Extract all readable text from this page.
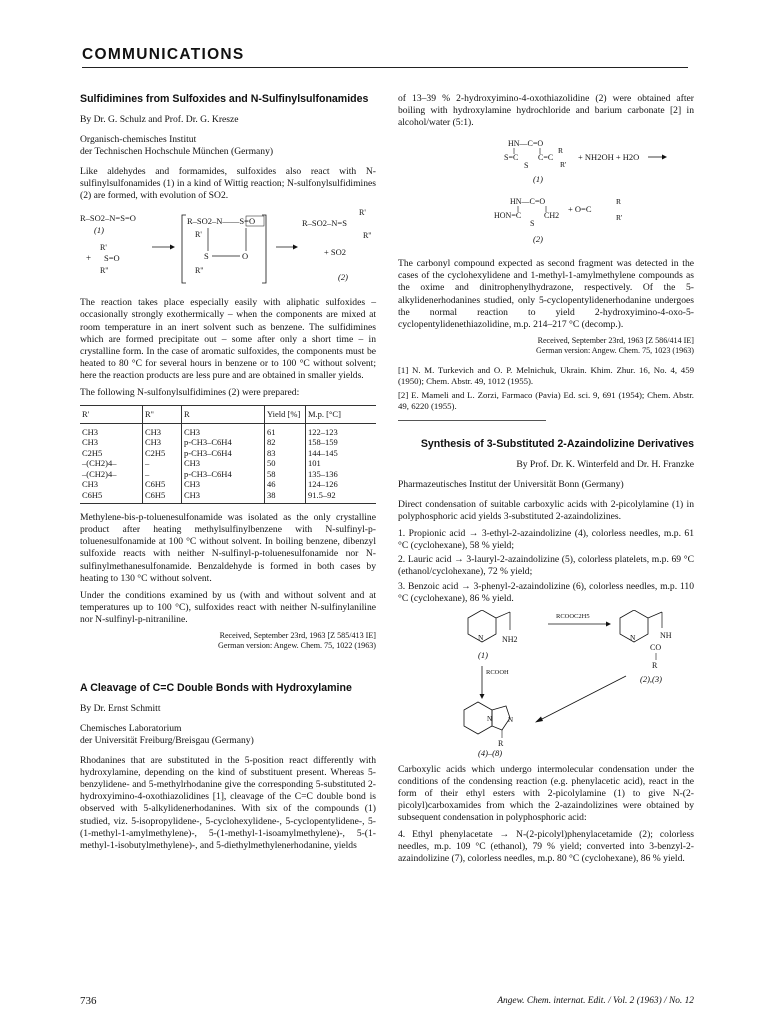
COMMUNICATIONS
Sulfidimines from Sulfoxides and N-Sulfinylsulfonamides
By Dr. G. Schulz and Prof. Dr. G. Kresze
Organisch-chemisches Institut
der Technischen Hochschule München (Germany)

Like aldehydes and formamides, sulfoxides also react with N-sulfinylsulfonamides (1) in a kind of Wittig reaction; N-sulfonylsulfidimines (2) are formed, with evolution of SO2.

R–SO2–N=S=O
(1)
+
R'
S=O
R''
R–SO2–N——S=O
R'
S	O
R''
R'
R–SO2–N=S
R''
+ SO2
(2)

The reaction takes place especially easily with aliphatic sulfoxides – occasionally strongly exothermically – when the components are mixed at room temperature in an inert solvent such as benzene. The sulfidimines which are formed precipitate out – some after only a short time – in crystalline form. In the case of aromatic sulfoxides, the components must be heated to 80 °C for several hours in benzene or to 100 °C without solvent; here the reaction products are less pure and are obtained in smaller yields.

The following N-sulfonylsulfidimines (2) were prepared:

R'	R''	R	Yield [%]	M.p. [°C]
CH3	CH3	CH3	61	122–123
CH3	CH3	p-CH3–C6H4	82	158–159
C2H5	C2H5	p-CH3–C6H4	83	144–145
–(CH2)4–	–	CH3	50	101
–(CH2)4–	–	p-CH3–C6H4	58	135–136
CH3	C6H5	CH3	46	124–126
C6H5	C6H5	CH3	38	91.5–92

Methylene-bis-p-toluenesulfonamide was isolated as the only crystalline product after heating methylsulfinylbenzene with N-sulfinyl-p-toluenesulfonamide at 100 °C without solvent. In boiling benzene, dibenzyl sulfoxide reacts with neither N-sulfinyl-p-toluenesulfonamide nor N-sulfinylmethanesulfonamide. Benzaldehyde is formed in both cases by heating to 130 °C without solvent.

Under the conditions examined by us (with and without solvent and at temperatures up to 100 °C), sulfoxides react with neither N-sulfinylaniline nor N-sulfinyl-p-nitraniline.

Received, September 23rd, 1963 [Z 585/413 IE]
German version: Angew. Chem. 75, 1022 (1963)
A Cleavage of C=C Double Bonds with Hydroxylamine
By Dr. Ernst Schmitt
Chemisches Laboratorium
der Universität Freiburg/Breisgau (Germany)

Rhodanines that are substituted in the 5-position react differently with hydroxylamine, depending on the kind of substituent present. Whereas 5-benzylidene- and 5-methylrhodanine give the corresponding 5-substituted 2-hydroxyimino-4-oxothiazolidines [1], cleavage of the C=C double bond is observed with 5-alkylidenerhodanines. With six of the compounds (1) studied, viz. 5-isopropylidene-, 5-cyclohexylidene-, 5-cyclopentylidene-, 5-(1-methyl-1-amylmethylene)-, 5-(1-methyl-1-isoamylmethylene)-, 5-(1-methyl-1-isobutylmethylene)-, and 5-diethylmethylenerhodanine, yields

of 13–39 % 2-hydroxyimino-4-oxothiazolidine (2) were obtained after boiling with hydroxylamine hydrochloride and barium carbonate [2] in alcohol/water (5:1).

HN––C=O
S=C
S
C=C
R
R'
+ NH2OH + H2O
(1)
HN––C=O
HON=C
S
CH2
+ O=C
R
R'
(2)

The carbonyl compound expected as second fragment was detected in the cases of the cyclohexylidene and 1-methyl-1-amylmethylene compounds as the oxime and dinitrophenylhydrazone, respectively. Of the 5-alkylidenerhodanines studied, only 5-cyclopentylidenerhodanine undergoes the normal reaction to yield 2-hydroxyimino-4-oxo-5-cyclopentylidenethiazolidine, m.p. 214–217 °C (decomp.).

Received, September 23rd, 1963 [Z 586/414 IE]
German version: Angew. Chem. 75, 1023 (1963)

[1] N. M. Turkevich and O. P. Melnichuk, Ukrain. Khim. Zhur. 16, No. 4, 459 (1950); Chem. Abstr. 49, 1012 (1955).

[2] E. Mameli and L. Zorzi, Farmaco (Pavia) Ed. sci. 9, 691 (1954); Chem. Abstr. 49, 6220 (1955).

Synthesis of 3-Substituted 2-Azaindolizine Derivatives
By Prof. Dr. K. Winterfeld and Dr. H. Franzke
Pharmazeutisches Institut der Universität Bonn (Germany)

Direct condensation of suitable carboxylic acids with 2-picolylamine (1) in polyphosphoric acid yields 3-substituted 2-azaindolizines.

1. Propionic acid → 3-ethyl-2-azaindolizine (4), colorless needles, m.p. 61 °C (cyclohexane), 58 % yield;
2. Lauric acid → 3-lauryl-2-azaindolizine (5), colorless platelets, m.p. 69 °C (ethanol/cyclohexane), 72 % yield;
3. Benzoic acid → 3-phenyl-2-azaindolizine (6), colorless needles, m.p. 110 °C (cyclohexane), 86 % yield.
N NH2
(1)
RCOOC2H5
N	NH
CO
R
(2),(3)
RCOOH
N N
R
(4)–(8)

Carboxylic acids which undergo intermolecular condensation under the conditions of the condensing reaction (e.g. phenylacetic acid), react in the form of their ethyl esters with 2-picolylamine (1) to give N-(2-picolyl)carboxamides from which the 2-azaindolizines were obtained by subsequent condensation in polyphosphoric acid:

4. Ethyl phenylacetate → N-(2-picolyl)phenylacetamide (2); colorless needles, m.p. 109 °C (ethanol), 79 % yield; converted into 3-benzyl-2-azaindolizine (7), colorless needles, m.p. 80 °C (cyclohexane), 86 % yield.

736	Angew. Chem. internat. Edit. / Vol. 2 (1963) / No. 12
